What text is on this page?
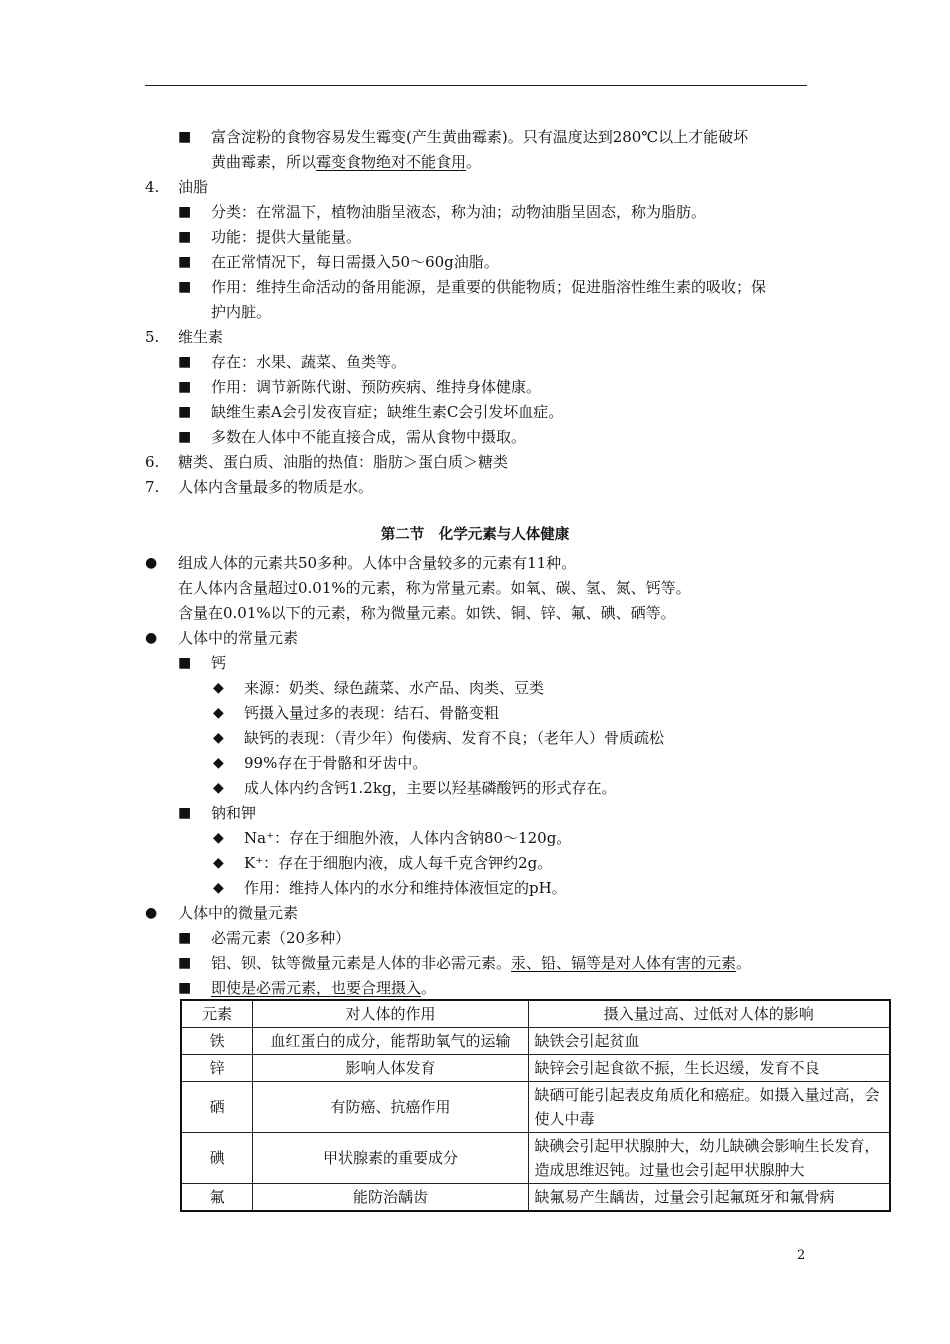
■ 富含淀粉的食物容易发生霉变(产生黄曲霉素)。只有温度达到280℃以上才能破坏
黄曲霉素，所以霉变食物绝对不能食用。
4. 油脂
■ 分类：在常温下，植物油脂呈液态，称为油；动物油脂呈固态，称为脂肪。
■ 功能：提供大量能量。
■ 在正常情况下，每日需摄入50～60g油脂。
■ 作用：维持生命活动的备用能源，是重要的供能物质；促进脂溶性维生素的吸收；保
护内脏。
5. 维生素
■ 存在：水果、蔬菜、鱼类等。
■ 作用：调节新陈代谢、预防疾病、维持身体健康。
■ 缺维生素A会引发夜盲症；缺维生素C会引发坏血症。
■ 多数在人体中不能直接合成，需从食物中摄取。
6. 糖类、蛋白质、油脂的热值：脂肪＞蛋白质＞糖类
7. 人体内含量最多的物质是水。
第二节　化学元素与人体健康
● 组成人体的元素共50多种。人体中含量较多的元素有11种。
在人体内含量超过0.01%的元素，称为常量元素。如氧、碳、氢、氮、钙等。
含量在0.01%以下的元素，称为微量元素。如铁、铜、锌、氟、碘、硒等。
● 人体中的常量元素
■ 钙
◆ 来源：奶类、绿色蔬菜、水产品、肉类、豆类
◆ 钙摄入量过多的表现：结石、骨骼变粗
◆ 缺钙的表现：（青少年）佝偻病、发育不良；（老年人）骨质疏松
◆ 99%存在于骨骼和牙齿中。
◆ 成人体内约含钙1.2kg，主要以羟基磷酸钙的形式存在。
■ 钠和钾
◆ Na⁺：存在于细胞外液，人体内含钠80～120g。
◆ K⁺：存在于细胞内液，成人每千克含钾约2g。
◆ 作用：维持人体内的水分和维持体液恒定的pH。
● 人体中的微量元素
■ 必需元素（20多种）
■ 铝、钡、钛等微量元素是人体的非必需元素。汞、铅、镉等是对人体有害的元素。
■ 即使是必需元素，也要合理摄入。
元素	对人体的作用	摄入量过高、过低对人体的影响
铁	血红蛋白的成分，能帮助氧气的运输	缺铁会引起贫血
锌	影响人体发育	缺锌会引起食欲不振，生长迟缓，发育不良
硒	有防癌、抗癌作用	缺硒可能引起表皮角质化和癌症。如摄入量过高，会使人中毒
碘	甲状腺素的重要成分	缺碘会引起甲状腺肿大，幼儿缺碘会影响生长发育，造成思维迟钝。过量也会引起甲状腺肿大
氟	能防治龋齿	缺氟易产生龋齿，过量会引起氟斑牙和氟骨病
2
